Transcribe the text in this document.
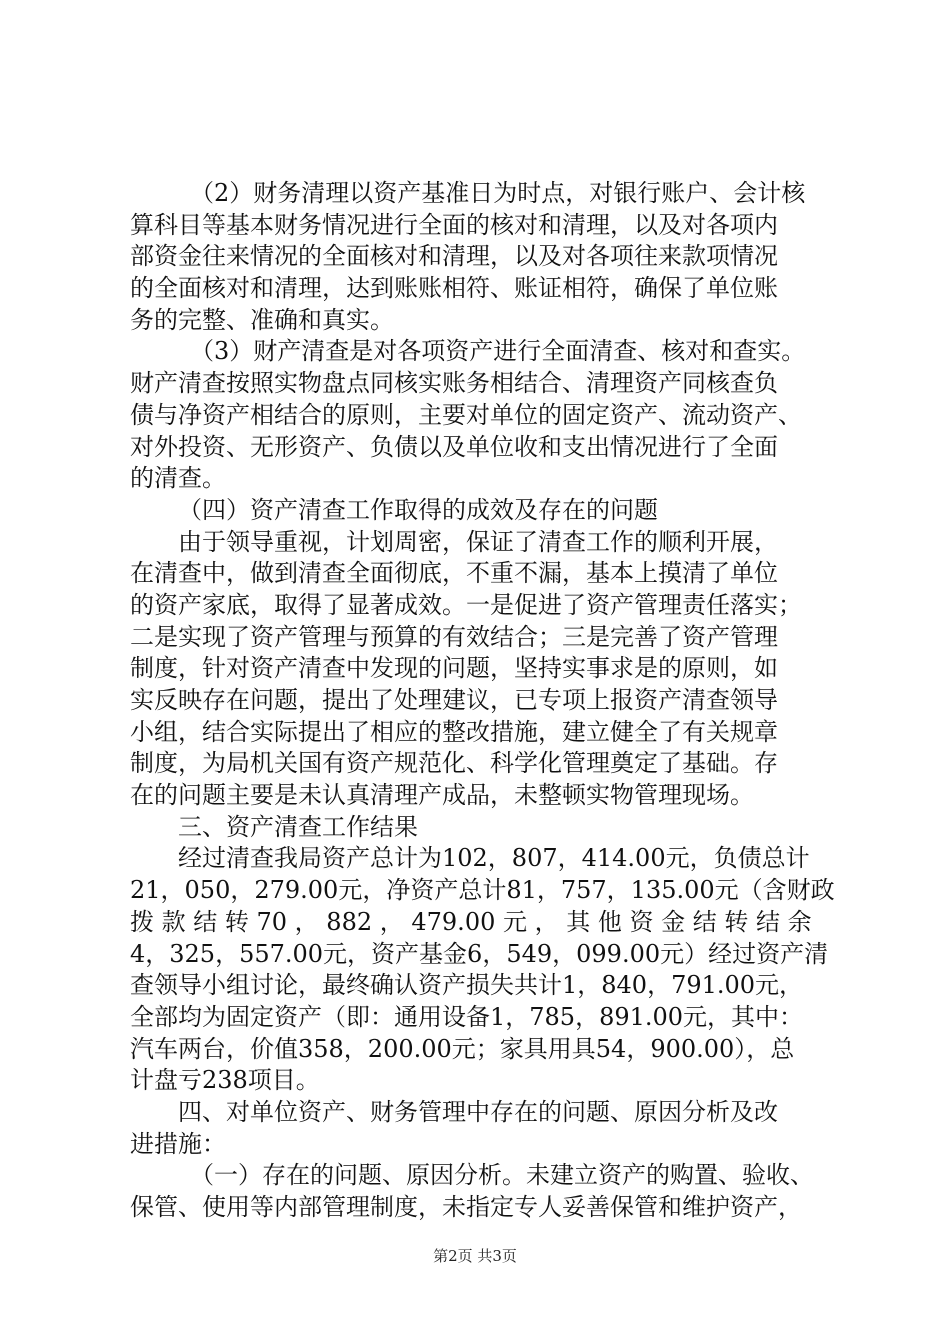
（2）财务清理以资产基准日为时点，对银行账户、会计核
算科目等基本财务情况进行全面的核对和清理，以及对各项内
部资金往来情况的全面核对和清理，以及对各项往来款项情况
的全面核对和清理，达到账账相符、账证相符，确保了单位账
务的完整、准确和真实。
（3）财产清查是对各项资产进行全面清查、核对和查实。
财产清查按照实物盘点同核实账务相结合、清理资产同核查负
债与净资产相结合的原则，主要对单位的固定资产、流动资产、
对外投资、无形资产、负债以及单位收和支出情况进行了全面
的清查。
（四）资产清查工作取得的成效及存在的问题
由于领导重视，计划周密，保证了清查工作的顺利开展，
在清查中，做到清查全面彻底，不重不漏，基本上摸清了单位
的资产家底，取得了显著成效。一是促进了资产管理责任落实；
二是实现了资产管理与预算的有效结合；三是完善了资产管理
制度，针对资产清查中发现的问题，坚持实事求是的原则，如
实反映存在问题，提出了处理建议，已专项上报资产清查领导
小组，结合实际提出了相应的整改措施，建立健全了有关规章
制度，为局机关国有资产规范化、科学化管理奠定了基础。存
在的问题主要是未认真清理产成品，未整顿实物管理现场。
三、资产清查工作结果
经过清查我局资产总计为102，807，414.00元，负债总计
21，050，279.00元，净资产总计81，757，135.00元（含财政
拨 款 结 转 70 ， 882 ， 479.00 元 ， 其 他 资 金 结 转 结 余
4，325，557.00元，资产基金6，549，099.00元）经过资产清
查领导小组讨论，最终确认资产损失共计1，840，791.00元，
全部均为固定资产（即：通用设备1，785，891.00元，其中：
汽车两台，价值358，200.00元；家具用具54，900.00），总
计盘亏238项目。
四、对单位资产、财务管理中存在的问题、原因分析及改
进措施：
（一）存在的问题、原因分析。未建立资产的购置、验收、
保管、使用等内部管理制度，未指定专人妥善保管和维护资产，
第2页 共3页
